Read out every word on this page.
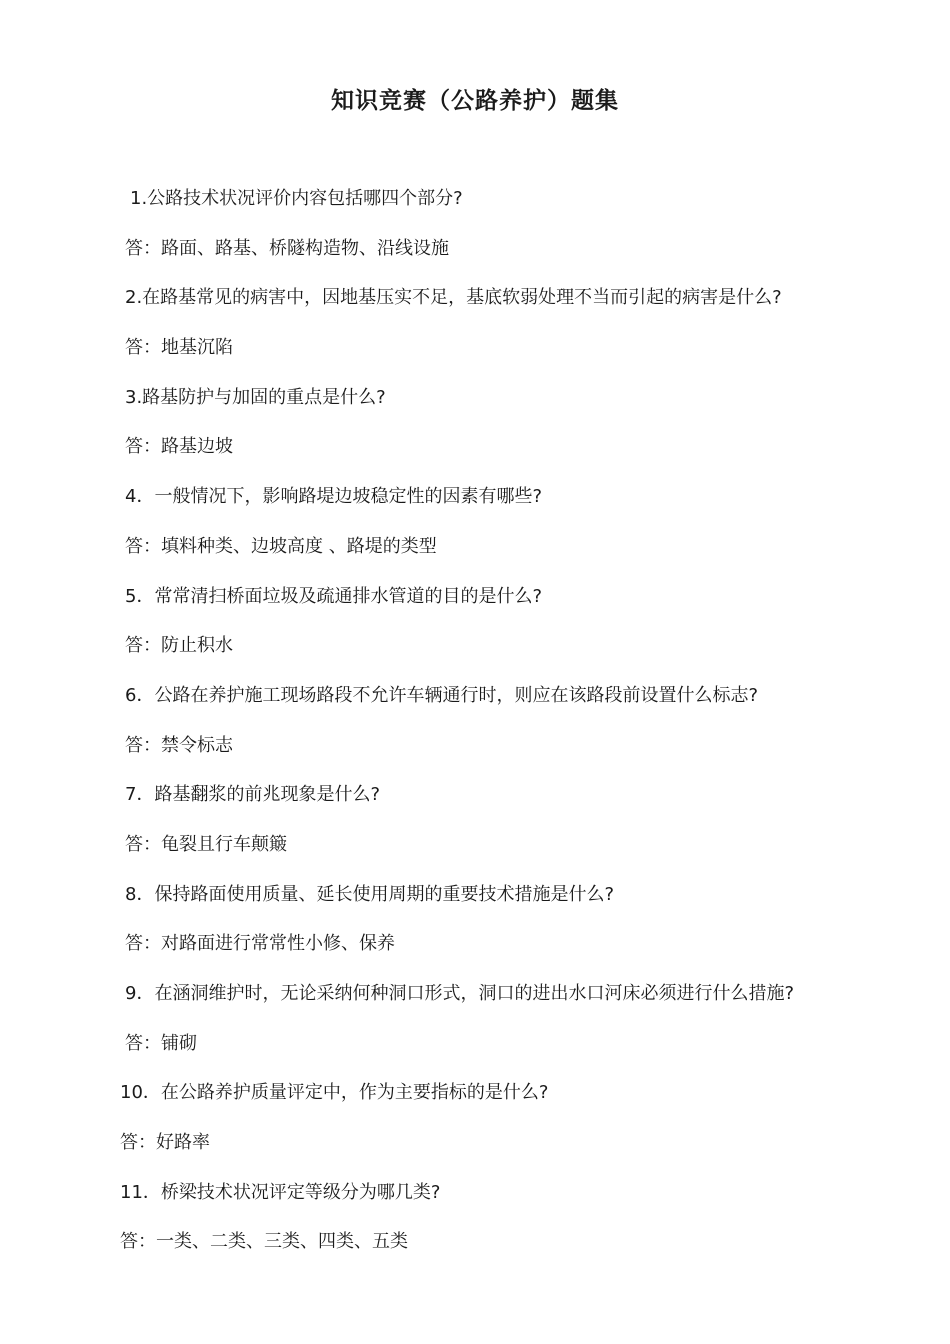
知识竞赛（公路养护）题集
1.公路技术状况评价内容包括哪四个部分?
答：路面、路基、桥隧构造物、沿线设施
2.在路基常见的病害中，因地基压实不足，基底软弱处理不当而引起的病害是什么?
答：地基沉陷
3.路基防护与加固的重点是什么?
答：路基边坡
4．一般情况下，影响路堤边坡稳定性的因素有哪些?
答：填料种类、边坡高度 、路堤的类型
5．常常清扫桥面垃圾及疏通排水管道的目的是什么?
答：防止积水
6．公路在养护施工现场路段不允许车辆通行时，则应在该路段前设置什么标志?
答：禁令标志
7．路基翻浆的前兆现象是什么?
答：龟裂且行车颠簸
8．保持路面使用质量、延长使用周期的重要技术措施是什么?
答：对路面进行常常性小修、保养
9．在涵洞维护时，无论采纳何种洞口形式，洞口的进出水口河床必须进行什么措施?
答：铺砌
10．在公路养护质量评定中，作为主要指标的是什么?
答：好路率
11．桥梁技术状况评定等级分为哪几类?
答：一类、二类、三类、四类、五类
